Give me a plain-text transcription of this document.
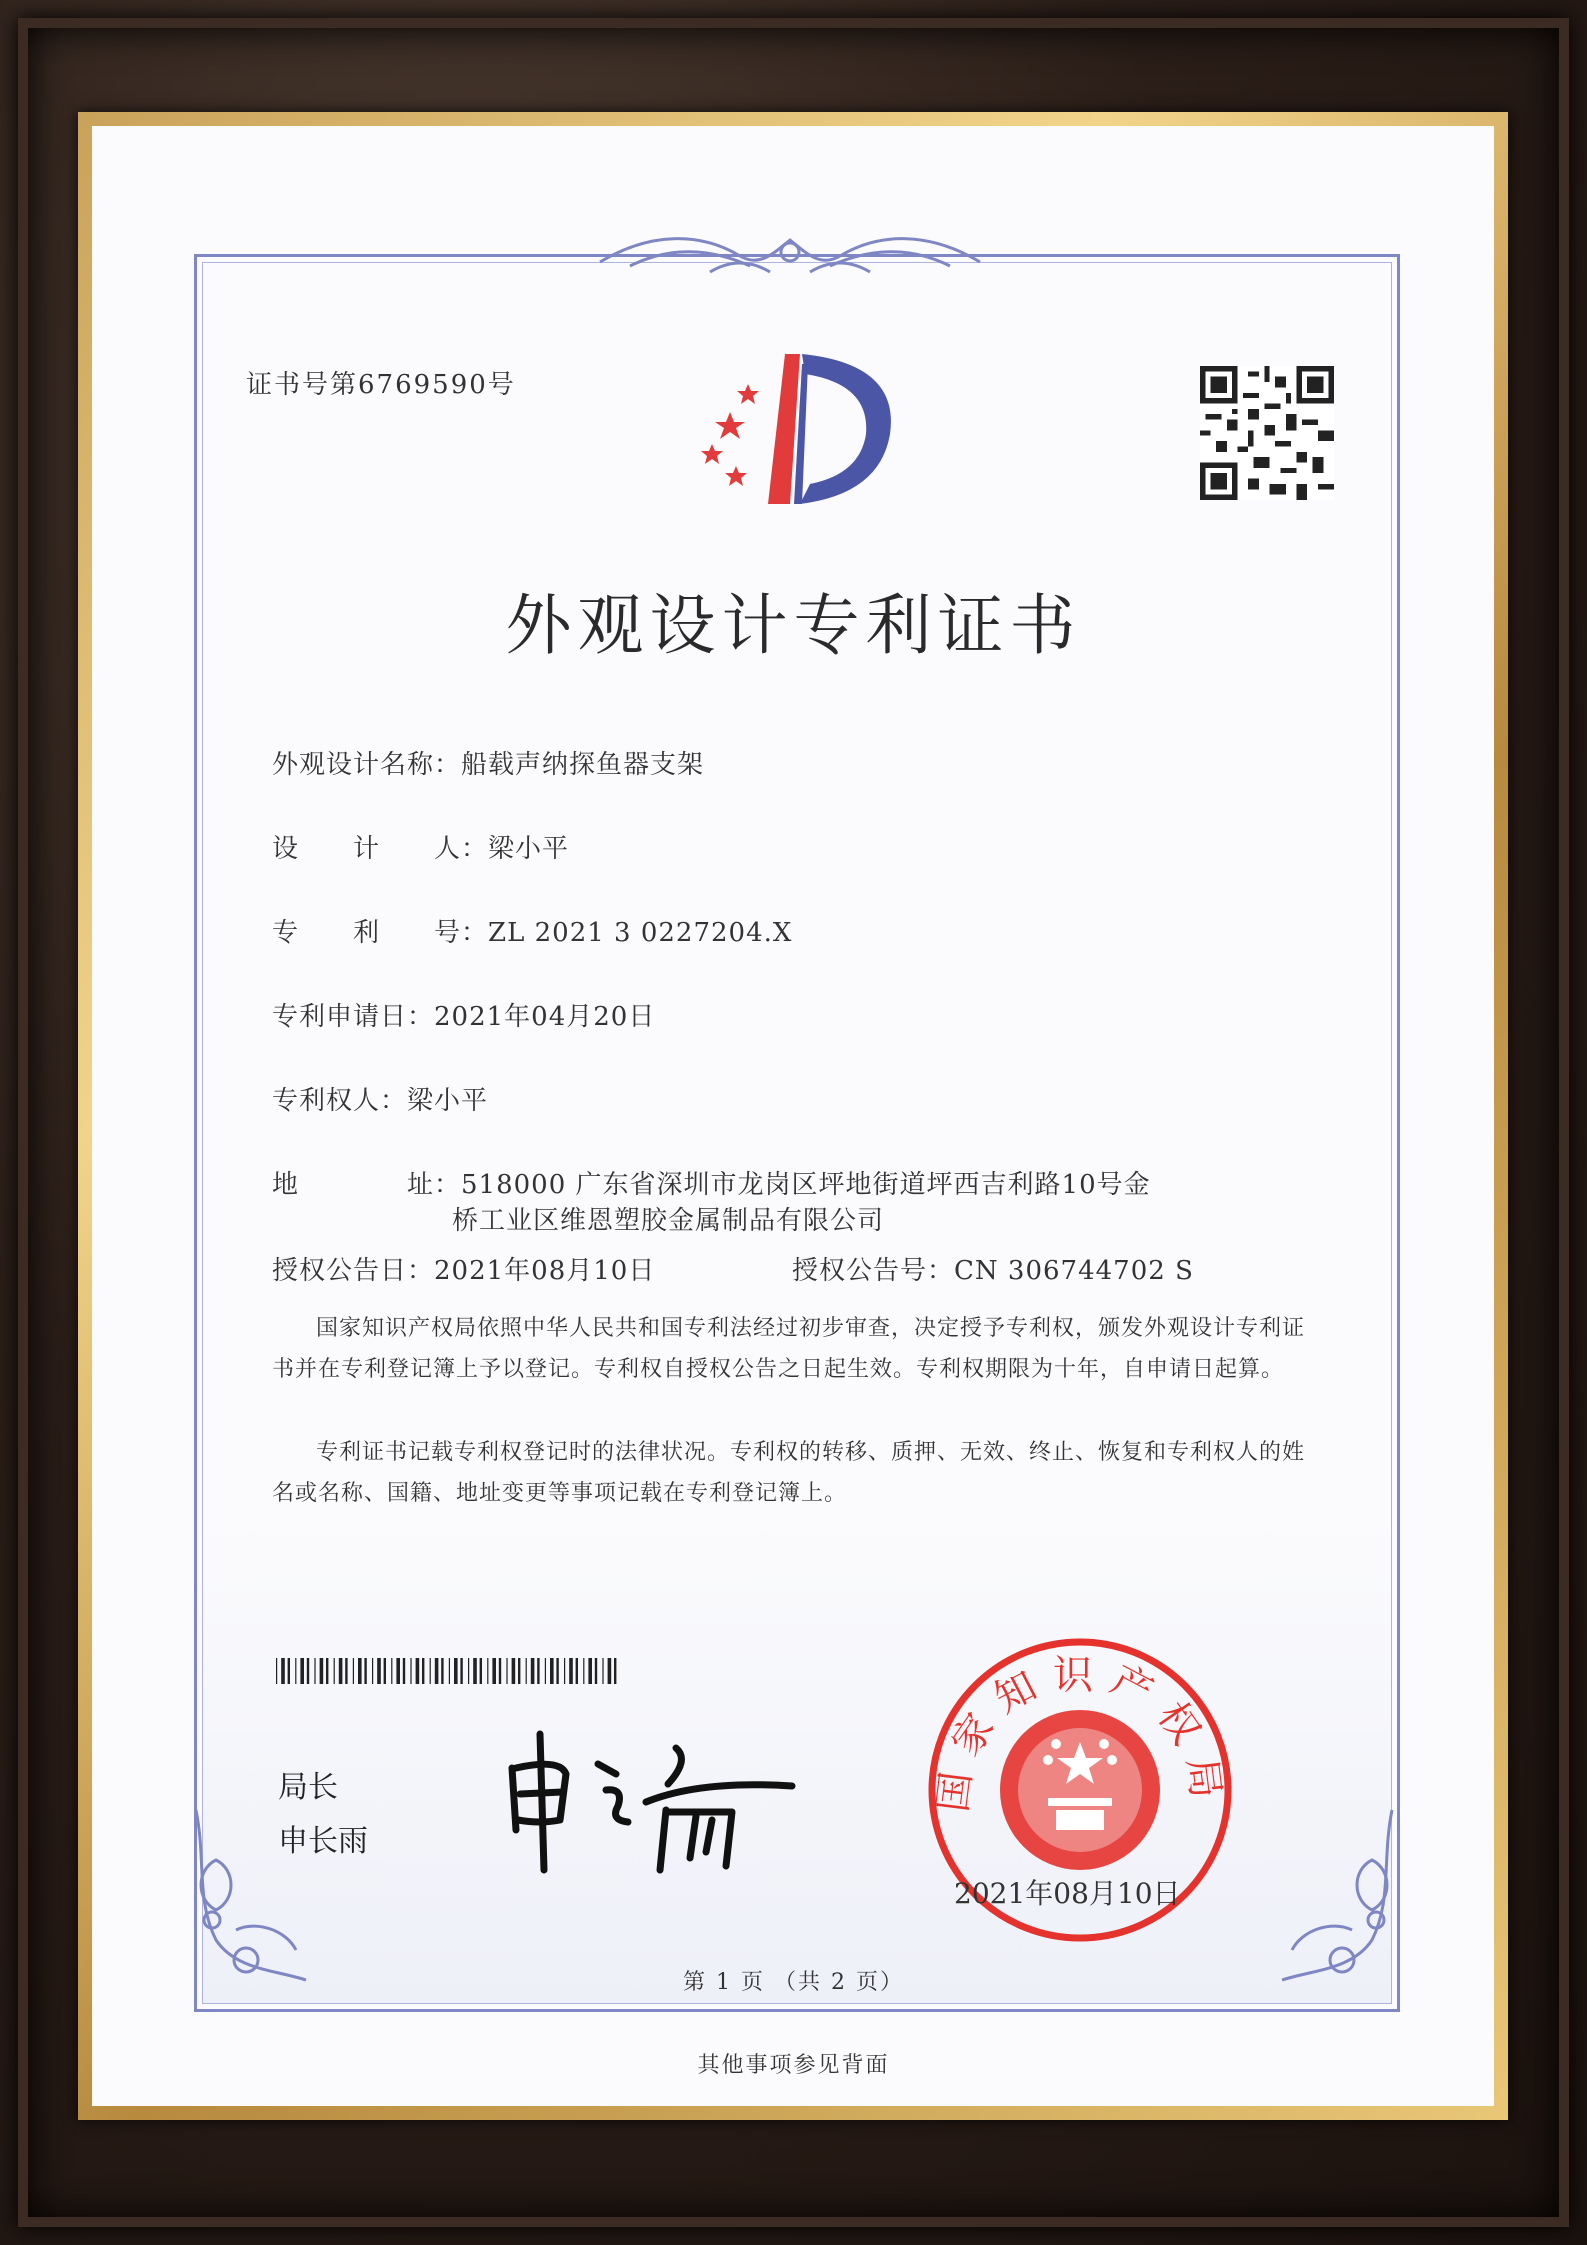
证书号第6769590号
外观设计专利证书
外观设计名称：船载声纳探鱼器支架
设　　计　　人：梁小平
专　　利　　号：ZL 2021 3 0227204.X
专利申请日：2021年04月20日
专利权人：梁小平
地　　　　址：518000 广东省深圳市龙岗区坪地街道坪西吉利路10号金
桥工业区维恩塑胶金属制品有限公司
授权公告日：2021年08月10日	授权公告号：CN 306744702 S
国家知识产权局依照中华人民共和国专利法经过初步审查，决定授予专利权，颁发外观设计专利证书并在专利登记簿上予以登记。专利权自授权公告之日起生效。专利权期限为十年，自申请日起算。
专利证书记载专利权登记时的法律状况。专利权的转移、质押、无效、终止、恢复和专利权人的姓名或名称、国籍、地址变更等事项记载在专利登记簿上。
局长
申长雨
国家知识产权局
2021年08月10日
第 1 页 （共 2 页）
其他事项参见背面
